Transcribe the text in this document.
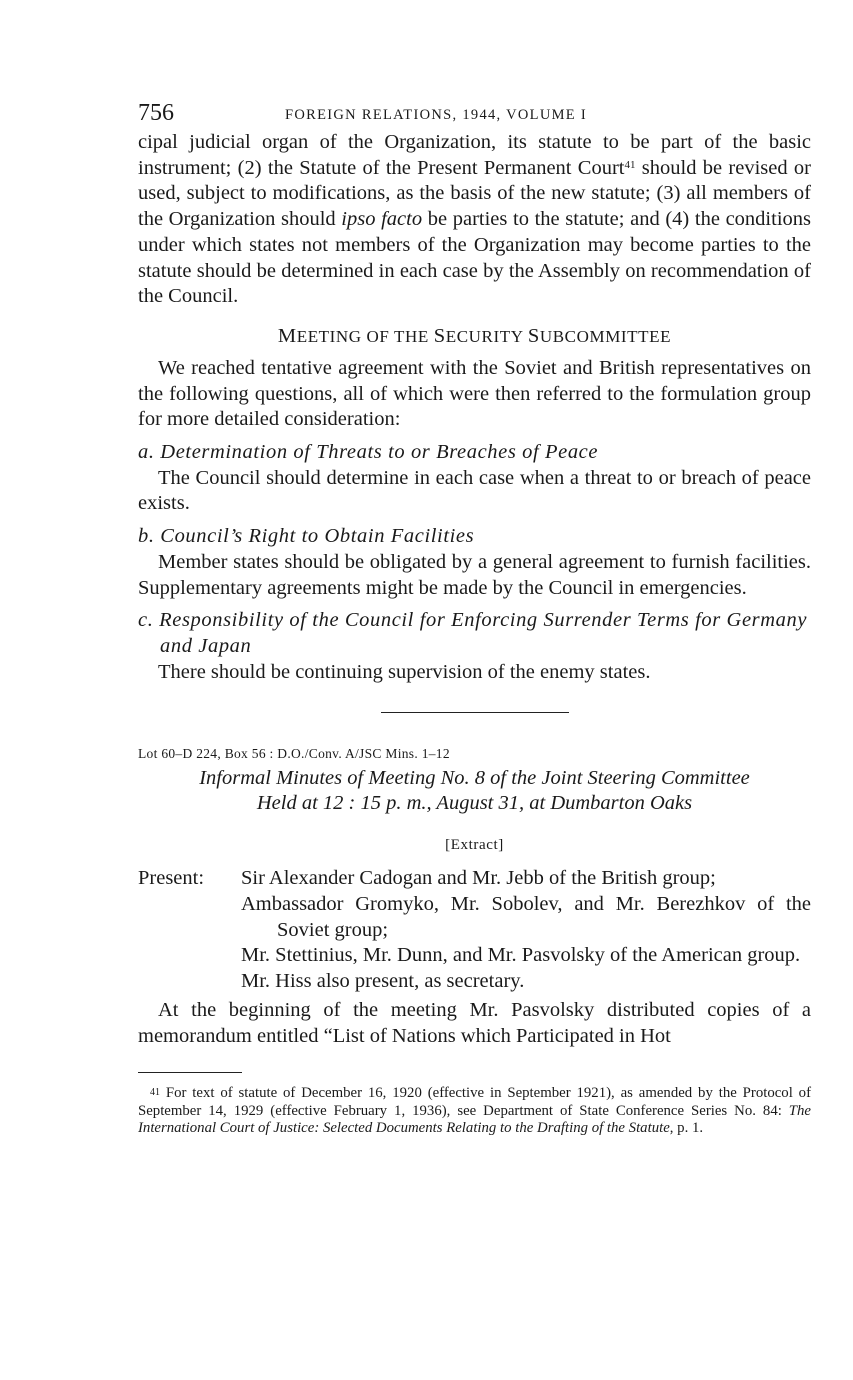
756	FOREIGN RELATIONS, 1944, VOLUME I

cipal judicial organ of the Organization, its statute to be part of the basic instrument; (2) the Statute of the Present Permanent Court$^{41}$ should be revised or used, subject to modifications, as the basis of the new statute; (3) all members of the Organization should ipso facto be parties to the statute; and (4) the conditions under which states not members of the Organization may become parties to the statute should be determined in each case by the Assembly on recommendation of the Council.

MEETING OF THE SECURITY SUBCOMMITTEE

We reached tentative agreement with the Soviet and British representatives on the following questions, all of which were then referred to the formulation group for more detailed consideration:

a. Determination of Threats to or Breaches of Peace

The Council should determine in each case when a threat to or breach of peace exists.

b. Council’s Right to Obtain Facilities

Member states should be obligated by a general agreement to furnish facilities. Supplementary agreements might be made by the Council in emergencies.

c. Responsibility of the Council for Enforcing Surrender Terms for Germany and Japan

There should be continuing supervision of the enemy states.

Lot 60–D 224, Box 56 : D.O./Conv. A/JSC Mins. 1–12
Informal Minutes of Meeting No. 8 of the Joint Steering Committee
Held at 12 : 15 p. m., August 31, at Dumbarton Oaks
[Extract]
Present:	Sir Alexander Cadogan and Mr. Jebb of the British group;
Ambassador Gromyko, Mr. Sobolev, and Mr. Berezhkov of the Soviet group;
Mr. Stettinius, Mr. Dunn, and Mr. Pasvolsky of the American group.
Mr. Hiss also present, as secretary.

At the beginning of the meeting Mr. Pasvolsky distributed copies of a memorandum entitled “List of Nations which Participated in Hot

$^{41}$ For text of statute of December 16, 1920 (effective in September 1921), as amended by the Protocol of September 14, 1929 (effective February 1, 1936), see Department of State Conference Series No. 84: The International Court of Justice: Selected Documents Relating to the Drafting of the Statute, p. 1.
